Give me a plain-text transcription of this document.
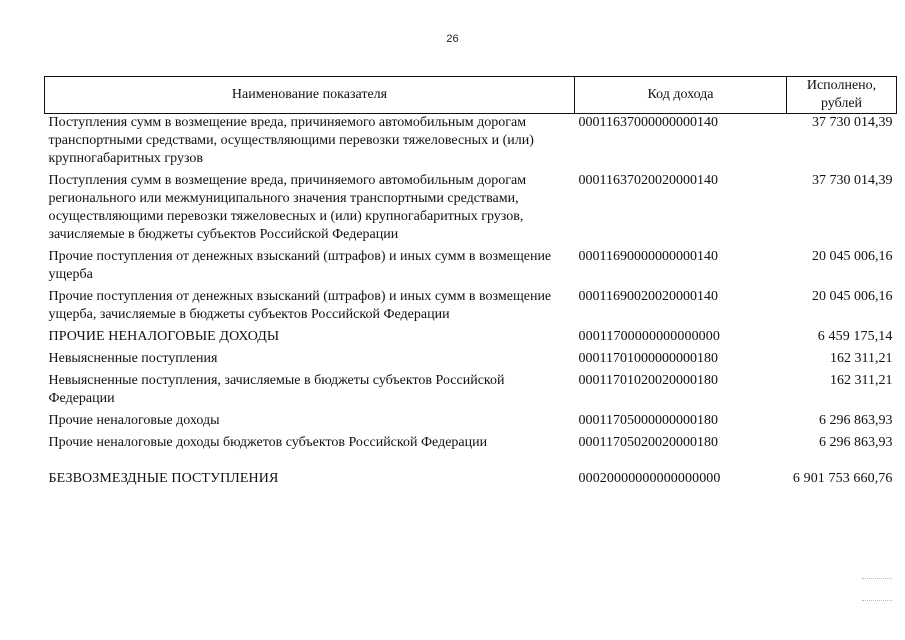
26
Наименование показателя	Код дохода	Исполнено, рублей
Поступления сумм в возмещение вреда, причиняемого автомобильным дорогам транспортными средствами, осуществляющими перевозки тяжеловесных и (или) крупногабаритных грузов	00011637000000000140	37 730 014,39
Поступления сумм в возмещение вреда, причиняемого автомобильным дорогам регионального или межмуниципального значения транспортными средствами, осуществляющими перевозки тяжеловесных и (или) крупногабаритных грузов, зачисляемые в бюджеты субъектов Российской Федерации	00011637020020000140	37 730 014,39
Прочие поступления от денежных взысканий (штрафов) и иных сумм в возмещение ущерба	00011690000000000140	20 045 006,16
Прочие поступления от денежных взысканий (штрафов) и иных сумм в возмещение ущерба, зачисляемые в бюджеты субъектов Российской Федерации	00011690020020000140	20 045 006,16
ПРОЧИЕ НЕНАЛОГОВЫЕ ДОХОДЫ	00011700000000000000	6 459 175,14
Невыясненные поступления	00011701000000000180	162 311,21
Невыясненные поступления, зачисляемые в бюджеты субъектов Российской Федерации	00011701020020000180	162 311,21
Прочие неналоговые доходы	00011705000000000180	6 296 863,93
Прочие неналоговые доходы бюджетов субъектов Российской Федерации	00011705020020000180	6 296 863,93
БЕЗВОЗМЕЗДНЫЕ ПОСТУПЛЕНИЯ	00020000000000000000	6 901 753 660,76
